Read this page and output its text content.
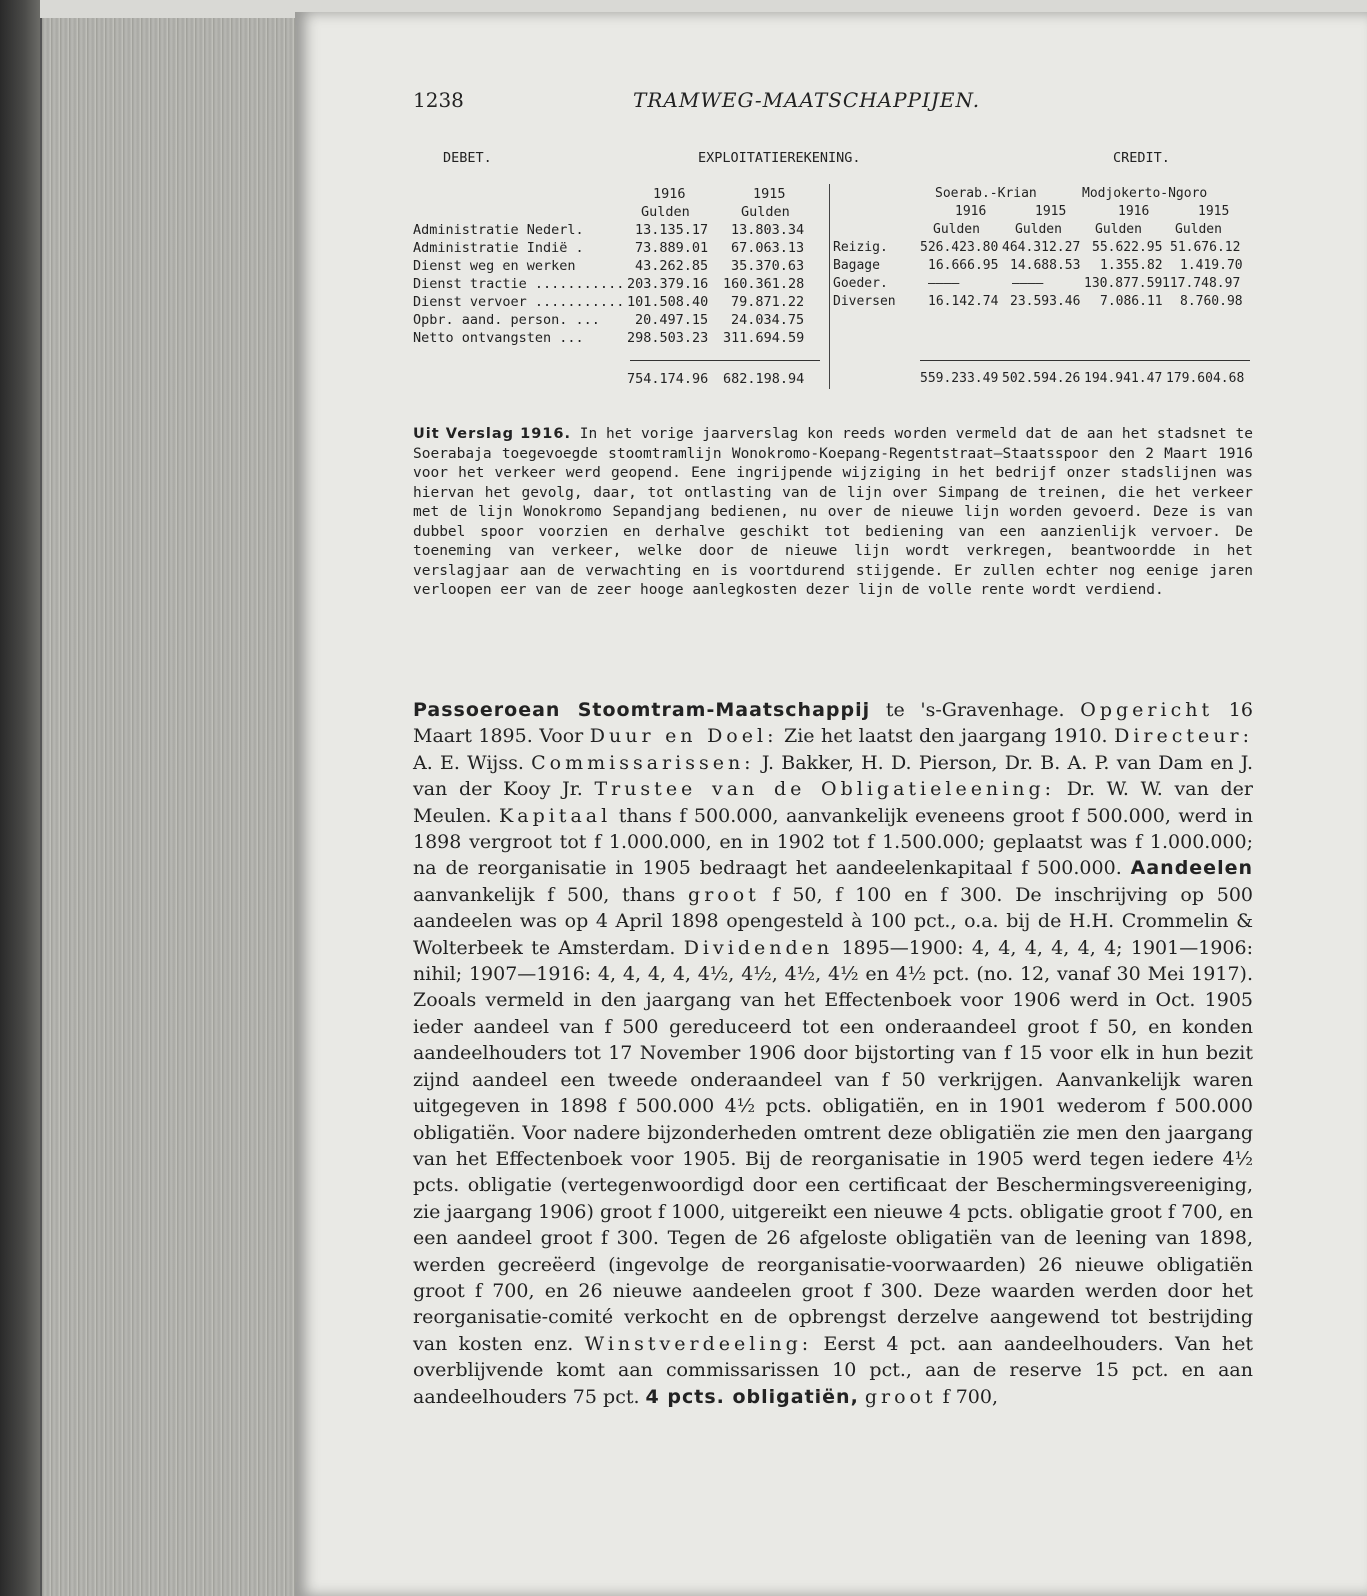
1238	TRAMWEG-MAATSCHAPPIJEN.
DEBET.	EXPLOITATIEREKENING.	CREDIT.
1916	1915
Gulden	Gulden
Administratie Nederl.	13.135.17 13.803.34
Administratie Indië .	73.889.01 67.063.13
Dienst weg en werken	43.262.85 35.370.63
Dienst tractie ........... 203.379.16 160.361.28
Dienst vervoer ........... 101.508.40 79.871.22
Opbr. aand. person. ...	20.497.15 24.034.75
Netto ontvangsten ...	298.503.23 311.694.59
754.174.96 682.198.94
Soerab.-Krian	Modjokerto-Ngoro
1916	1915	1916	1915
Gulden	Gulden	Gulden	Gulden
Reizig. 526.423.80 464.312.27 55.622.95 51.676.12
Bagage	16.666.95 14.688.53 1.355.82 1.419.70
Goeder.	————	————	130.877.59 117.748.97
Diversen 16.142.74 23.593.46 7.086.11 8.760.98
559.233.49 502.594.26 194.941.47 179.604.68
Uit Verslag 1916. In het vorige jaarverslag kon reeds worden vermeld dat de aan het stadsnet te Soerabaja toegevoegde stoomtramlijn Wonokromo-Koepang-Regentstraat—Staatsspoor den 2 Maart 1916 voor het verkeer werd geopend. Eene ingrijpende wijziging in het bedrijf onzer stadslijnen was hiervan het gevolg, daar, tot ontlasting van de lijn over Simpang de treinen, die het verkeer met de lijn Wonokromo Sepandjang bedienen, nu over de nieuwe lijn worden gevoerd. Deze is van dubbel spoor voorzien en derhalve geschikt tot bediening van een aanzienlijk vervoer. De toeneming van verkeer, welke door de nieuwe lijn wordt verkregen, beantwoordde in het verslagjaar aan de verwachting en is voortdurend stijgende. Er zullen echter nog eenige jaren verloopen eer van de zeer hooge aanlegkosten dezer lijn de volle rente wordt verdiend.
Passoeroean Stoomtram-Maatschappij te 's-Gravenhage. Opgericht 16 Maart 1895. Voor Duur en Doel: Zie het laatst den jaargang 1910. Directeur: A. E. Wijss. Commissarissen: J. Bakker, H. D. Pierson, Dr. B. A. P. van Dam en J. van der Kooy Jr. Trustee van de Obligatieleening: Dr. W. W. van der Meulen. Kapitaal thans f 500.000, aanvankelijk eveneens groot f 500.000, werd in 1898 vergroot tot f 1.000.000, en in 1902 tot f 1.500.000; geplaatst was f 1.000.000; na de reorganisatie in 1905 bedraagt het aandeelenkapitaal f 500.000. Aandeelen aanvankelijk f 500, thans groot f 50, f 100 en f 300. De inschrijving op 500 aandeelen was op 4 April 1898 opengesteld à 100 pct., o.a. bij de H.H. Crommelin & Wolterbeek te Amsterdam. Dividenden 1895—1900: 4, 4, 4, 4, 4, 4; 1901—1906: nihil; 1907—1916: 4, 4, 4, 4, 4½, 4½, 4½, 4½ en 4½ pct. (no. 12, vanaf 30 Mei 1917). Zooals vermeld in den jaargang van het Effectenboek voor 1906 werd in Oct. 1905 ieder aandeel van f 500 gereduceerd tot een onderaandeel groot f 50, en konden aandeelhouders tot 17 November 1906 door bijstorting van f 15 voor elk in hun bezit zijnd aandeel een tweede onderaandeel van f 50 verkrijgen. Aanvankelijk waren uitgegeven in 1898 f 500.000 4½ pcts. obligatiën, en in 1901 wederom f 500.000 obligatiën. Voor nadere bijzonderheden omtrent deze obligatiën zie men den jaargang van het Effectenboek voor 1905. Bij de reorganisatie in 1905 werd tegen iedere 4½ pcts. obligatie (vertegenwoordigd door een certificaat der Beschermingsvereeniging, zie jaargang 1906) groot f 1000, uitgereikt een nieuwe 4 pcts. obligatie groot f 700, en een aandeel groot f 300. Tegen de 26 afgeloste obligatiën van de leening van 1898, werden gecreëerd (ingevolge de reorganisatie-voorwaarden) 26 nieuwe obligatiën groot f 700, en 26 nieuwe aandeelen groot f 300. Deze waarden werden door het reorganisatie-comité verkocht en de opbrengst derzelve aangewend tot bestrijding van kosten enz. Winstverdeeling: Eerst 4 pct. aan aandeelhouders. Van het overblijvende komt aan commissarissen 10 pct., aan de reserve 15 pct. en aan aandeelhouders 75 pct. 4 pcts. obligatiën, groot f 700,
